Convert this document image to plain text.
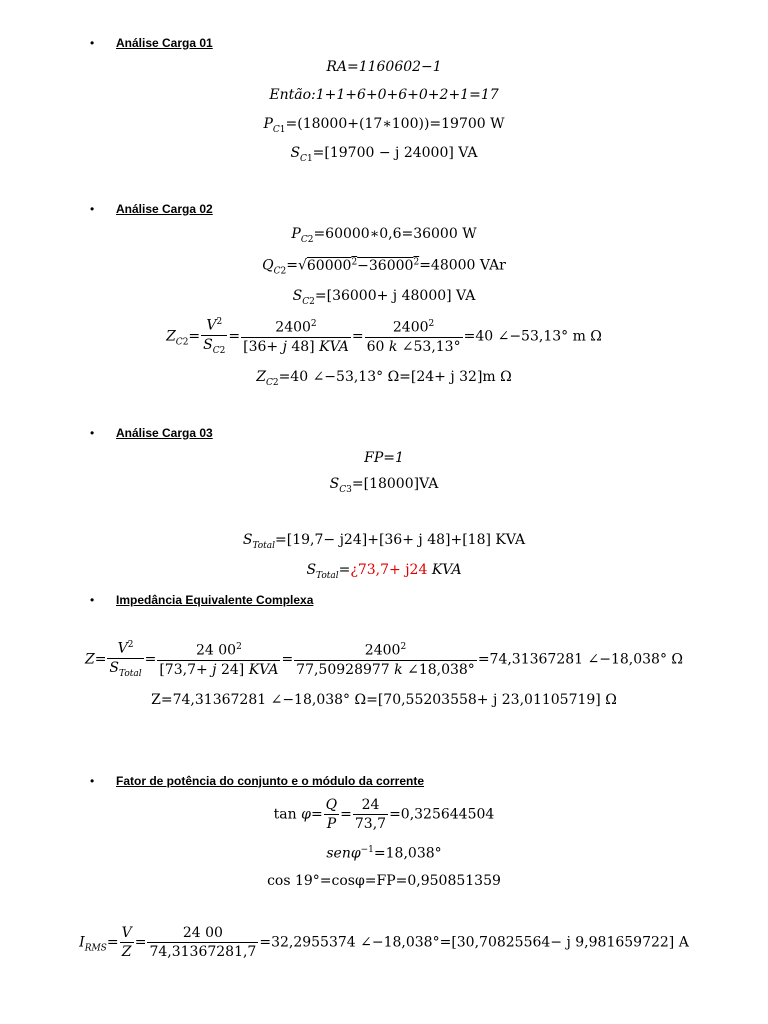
• Análise Carga 01
• Análise Carga 02
• Análise Carga 03
• Impedância Equivalente Complexa
• Fator de potência do conjunto e o módulo da corrente
RA=1160602−1
Então:1+1+6+0+6+0+2+1=17
$P_{C1}=(18000+(17∗100))=19700$ W
$S_{C1}=[19700 - j$ 24000] VA
$P_{C2}=60000∗0,6=36000$ W
$Q_{C2}=√60000^2-36000^2=48000$ VAr
$S_{C2}=[36000+ j$ 48000] VA
$Z_{C2}= \frac{V^2}{S_{C2}} = \frac{2400^2}{\text{[36+ j 48] KVA}} = \frac{2400^2}{60 k \angle 53,13^\circ} =40$ ∠−53,13° m Ω
$Z_{C2}=40$ ∠−53,13° Ω=[24+ j 32]m Ω
FP=1
$S_{C3}=[18000]VA$
$S_{Total}=[19,7- j24]+[36+ j$ 48]+[18] KVA
$S_{Total}=¿73,7+ j24$ KVA
$Z= \frac{V^2}{S_{Total}} = \frac{24 00^2}{\text{[73,7+ j 24] KVA}} = \frac{2400^2}{77,50928977 k \angle 18,038^\circ} =74,31367281$ ∠−18,038° Ω
Z=74,31367281 ∠−18,038° Ω=[70,55203558+ j 23,01105719] Ω
$\tan \varphi= \frac{Q}{P} = \frac{24}{73,7} =0,325644504$
senφ$^{-1}$=18,038°
cos 19°=cosφ=FP=0,950851359
$I_{RMS}= \frac{V}{Z} = \frac{24 00}{74,31367281,7} =32,2955374$ ∠−18,038°=[30,70825564− j 9,981659722] A
